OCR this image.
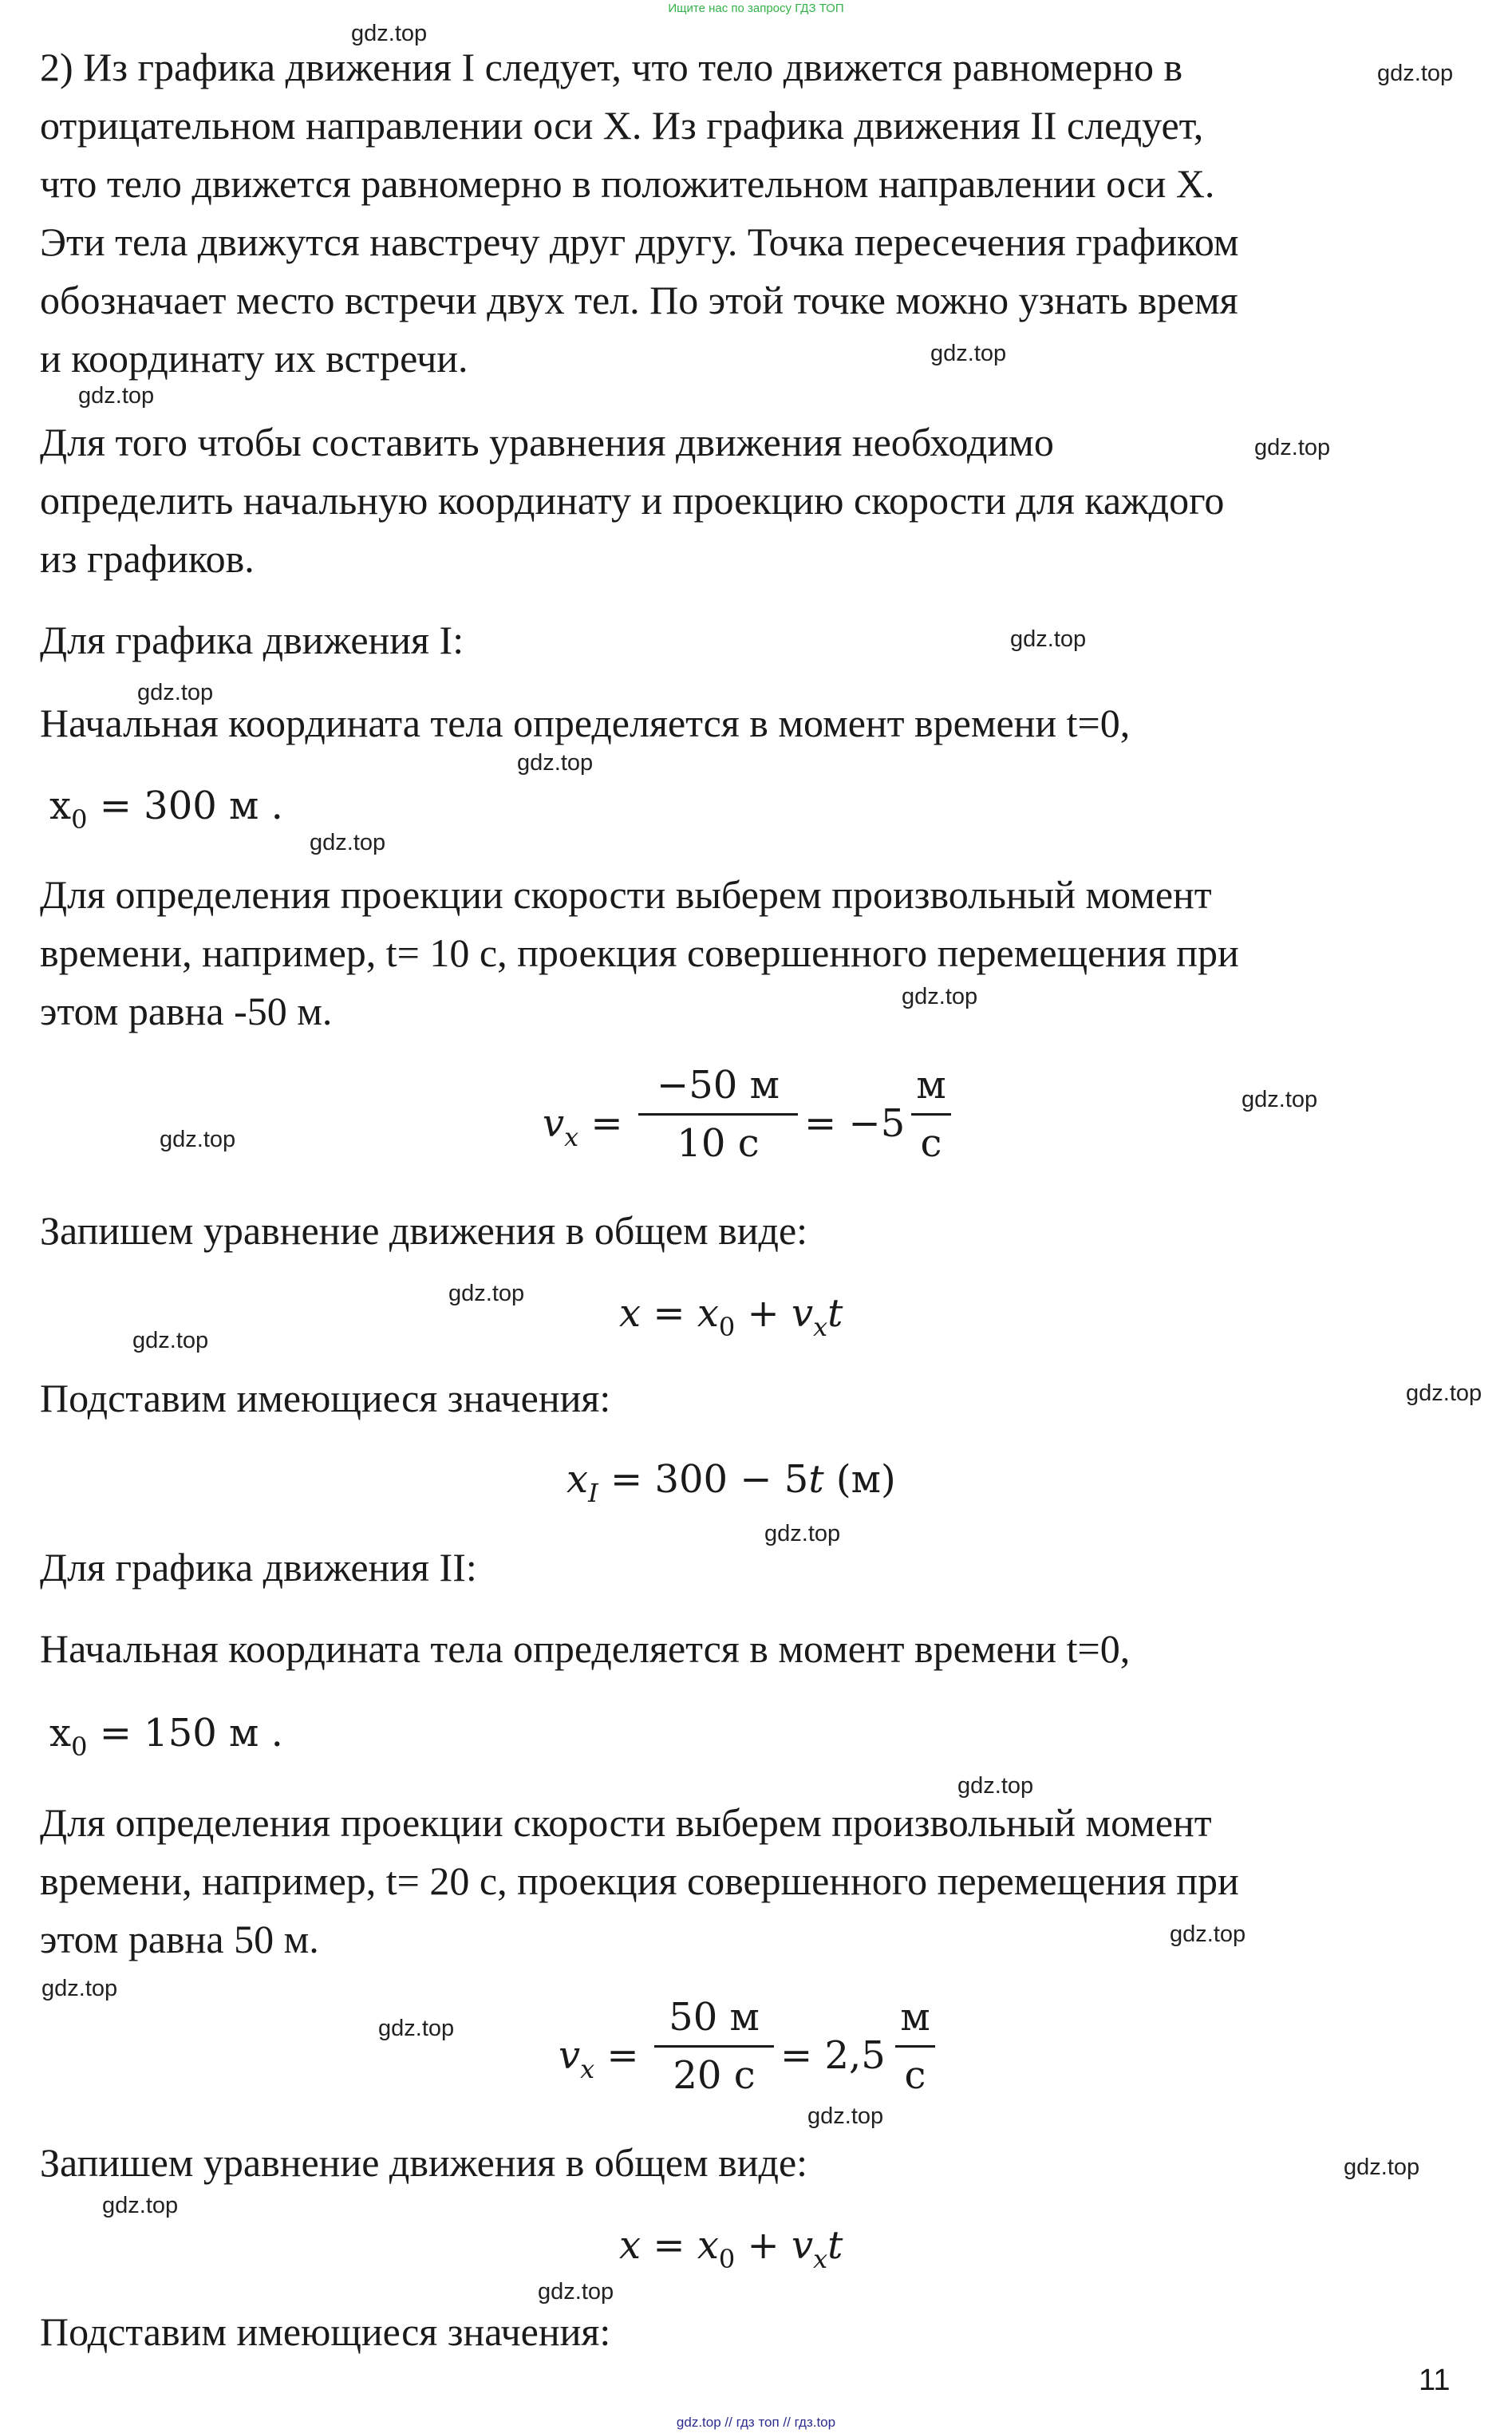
Ищите нас по запросу ГДЗ ТОП

2) Из графика движения I следует, что тело движется равномерно в

отрицательном направлении оси X. Из графика движения II следует,

что тело движется равномерно в положительном направлении оси X.

Эти тела движутся навстречу друг другу. Точка пересечения графиком

обозначает место встречи двух тел. По этой точке можно узнать время

и координату их встречи.

Для того чтобы составить уравнения движения необходимо

определить начальную координату и проекцию скорости для каждого

из графиков.

Для графика движения I:

Начальная координата тела определяется в момент времени t=0,

$x_0 = 300$ м .

Для определения проекции скорости выберем произвольный момент

времени, например, t= 10 с, проекция совершенного перемещения при

этом равна -50 м.

$v_x$ =
−50 м
10 с	= −5
м
с

Запишем уравнение движения в общем виде:

$x = x_0 + v_xt$

Подставим имеющиеся значения:

$x_I = 300 - 5t$ (м)

Для графика движения II:

Начальная координата тела определяется в момент времени t=0,

$x_0 = 150$ м .

Для определения проекции скорости выберем произвольный момент

времени, например, t= 20 с, проекция совершенного перемещения при

этом равна 50 м.

$v_x$ =
50 м
20 с = 2,5
м
с

Запишем уравнение движения в общем виде:

$x = x_0 + v_xt$

Подставим имеющиеся значения:

gdz.top
gdz.top
gdz.top
gdz.top
gdz.top
gdz.top
gdz.top
gdz.top
gdz.top
gdz.top
gdz.top
gdz.top
gdz.top
gdz.top
gdz.top
gdz.top
gdz.top
gdz.top
gdz.top
gdz.top
gdz.top
gdz.top
gdz.top
gdz.top
11
gdz.top // гдз топ // гдз.top
